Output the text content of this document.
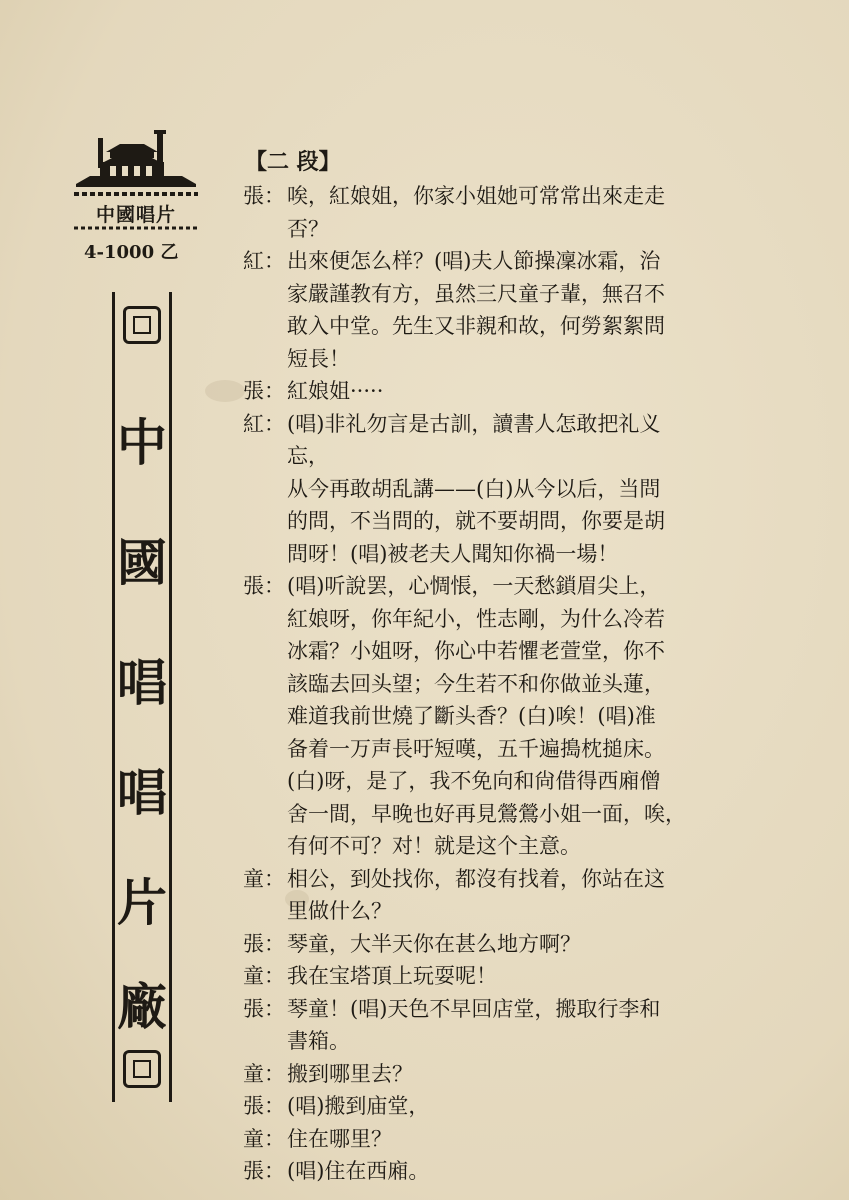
中國唱片
4-1000 乙
中
國
唱
唱
片
廠
【二 段】
張： 唉，紅娘姐，你家小姐她可常常出來走走
否？
紅： 出來便怎么样？(唱)夫人節操凜冰霜，治
家嚴謹教有方，虽然三尺童子輩，無召不
敢入中堂。先生又非親和故，何勞絮絮問
短長！
張： 紅娘姐·····
紅： (唱)非礼勿言是古訓，讀書人怎敢把礼义
忘，
从今再敢胡乱講——(白)从今以后，当問
的問，不当問的，就不要胡問，你要是胡
問呀！(唱)被老夫人聞知你禍一場！
張： (唱)听說罢，心惆悵，一天愁鎖眉尖上，
紅娘呀，你年紀小，性志剛，为什么冷若
冰霜？小姐呀，你心中若懼老萱堂，你不
該臨去回头望；今生若不和你做並头蓮，
难道我前世燒了斷头香？(白)唉！(唱)准
备着一万声長吁短嘆，五千遍搗枕搥床。
(白)呀，是了，我不免向和尙借得西廂僧
舍一間，早晚也好再見鶯鶯小姐一面，唉，
有何不可？对！就是这个主意。
童： 相公，到处找你，都沒有找着，你站在这
里做什么？
張： 琴童，大半天你在甚么地方啊？
童： 我在宝塔頂上玩耍呢！
張： 琴童！(唱)天色不早回店堂，搬取行李和
書箱。
童： 搬到哪里去？
張： (唱)搬到庙堂，
童： 住在哪里？
張： (唱)住在西廂。
